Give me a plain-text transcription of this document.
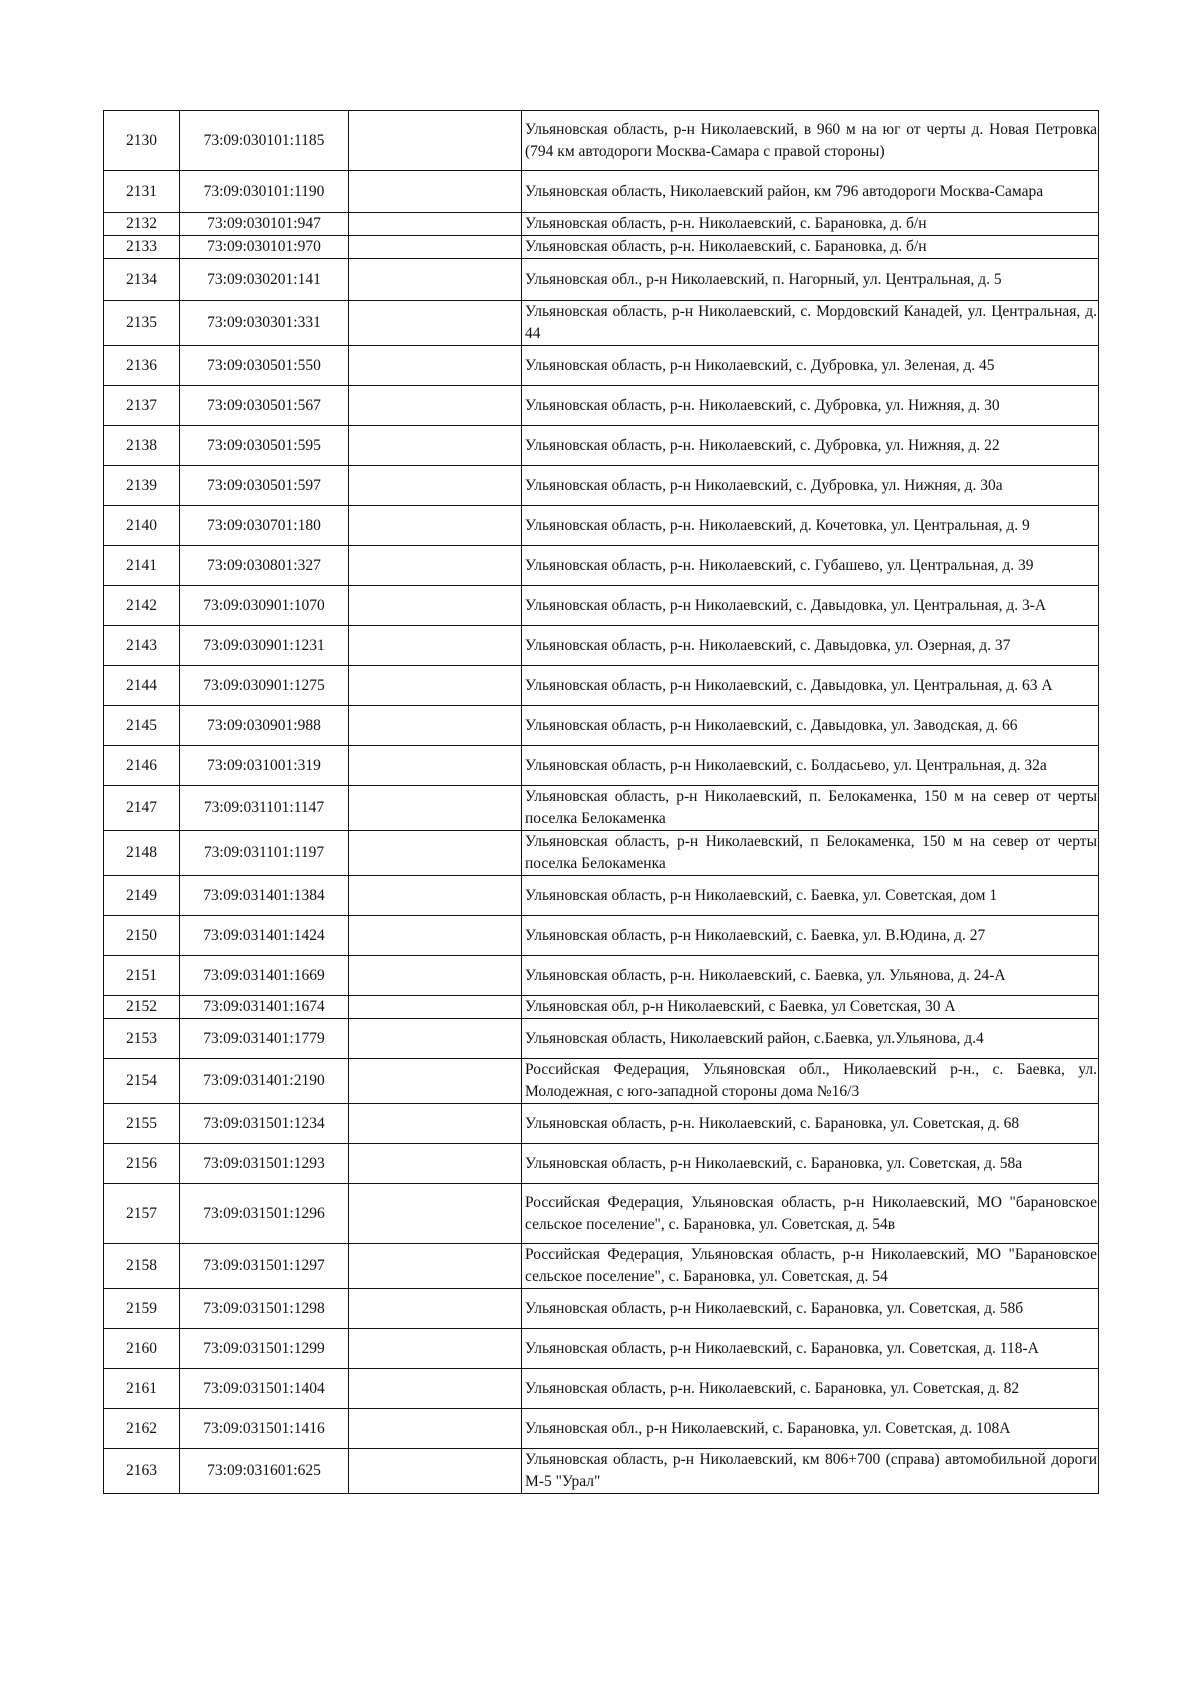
2130	73:09:030101:1185		Ульяновская область, р-н Николаевский, в 960 м на юг от черты д. Новая Петровка (794 км автодороги Москва-Самара с правой стороны)
2131	73:09:030101:1190		Ульяновская область, Николаевский район, км 796 автодороги Москва-Самара
2132	73:09:030101:947		Ульяновская область, р-н. Николаевский, с. Барановка, д. б/н
2133	73:09:030101:970		Ульяновская область, р-н. Николаевский, с. Барановка, д. б/н
2134	73:09:030201:141		Ульяновская обл., р-н Николаевский, п. Нагорный, ул. Центральная, д. 5
2135	73:09:030301:331		Ульяновская область, р-н Николаевский, с. Мордовский Канадей, ул. Центральная, д. 44
2136	73:09:030501:550		Ульяновская область, р-н Николаевский, с. Дубровка, ул. Зеленая, д. 45
2137	73:09:030501:567		Ульяновская область, р-н. Николаевский, с. Дубровка, ул. Нижняя, д. 30
2138	73:09:030501:595		Ульяновская область, р-н. Николаевский, с. Дубровка, ул. Нижняя, д. 22
2139	73:09:030501:597		Ульяновская область, р-н Николаевский, с. Дубровка, ул. Нижняя, д. 30а
2140	73:09:030701:180		Ульяновская область, р-н. Николаевский, д. Кочетовка, ул. Центральная, д. 9
2141	73:09:030801:327		Ульяновская область, р-н. Николаевский, с. Губашево, ул. Центральная, д. 39
2142	73:09:030901:1070		Ульяновская область, р-н Николаевский, с. Давыдовка, ул. Центральная, д. 3-А
2143	73:09:030901:1231		Ульяновская область, р-н. Николаевский, с. Давыдовка, ул. Озерная, д. 37
2144	73:09:030901:1275		Ульяновская область, р-н Николаевский, с. Давыдовка, ул. Центральная, д. 63 А
2145	73:09:030901:988		Ульяновская область, р-н Николаевский, с. Давыдовка, ул. Заводская, д. 66
2146	73:09:031001:319		Ульяновская область, р-н Николаевский, с. Болдасьево, ул. Центральная, д. 32а
2147	73:09:031101:1147		Ульяновская область, р-н Николаевский, п. Белокаменка, 150 м на север от черты поселка Белокаменка
2148	73:09:031101:1197		Ульяновская область, р-н Николаевский, п Белокаменка, 150 м на север от черты поселка Белокаменка
2149	73:09:031401:1384		Ульяновская область, р-н Николаевский, с. Баевка, ул. Советская, дом 1
2150	73:09:031401:1424		Ульяновская область, р-н Николаевский, с. Баевка, ул. В.Юдина, д. 27
2151	73:09:031401:1669		Ульяновская область, р-н. Николаевский, с. Баевка, ул. Ульянова, д. 24-А
2152	73:09:031401:1674		Ульяновская обл, р-н Николаевский, с Баевка, ул Советская, 30 А
2153	73:09:031401:1779		Ульяновская область, Николаевский район, с.Баевка, ул.Ульянова, д.4
2154	73:09:031401:2190		Российская Федерация, Ульяновская обл., Николаевский р-н., с. Баевка, ул. Молодежная, с юго-западной стороны дома №16/3
2155	73:09:031501:1234		Ульяновская область, р-н. Николаевский, с. Барановка, ул. Советская, д. 68
2156	73:09:031501:1293		Ульяновская область, р-н Николаевский, с. Барановка, ул. Советская, д. 58а
2157	73:09:031501:1296		Российская Федерация, Ульяновская область, р-н Николаевский, МО "барановское сельское поселение", с. Барановка, ул. Советская, д. 54в
2158	73:09:031501:1297		Российская Федерация, Ульяновская область, р-н Николаевский, МО "Барановское сельское поселение", с. Барановка, ул. Советская, д. 54
2159	73:09:031501:1298		Ульяновская область, р-н Николаевский, с. Барановка, ул. Советская, д. 58б
2160	73:09:031501:1299		Ульяновская область, р-н Николаевский, с. Барановка, ул. Советская, д. 118-А
2161	73:09:031501:1404		Ульяновская область, р-н. Николаевский, с. Барановка, ул. Советская, д. 82
2162	73:09:031501:1416		Ульяновская обл., р-н Николаевский, с. Барановка, ул. Советская, д. 108А
2163	73:09:031601:625		Ульяновская область, р-н Николаевский, км 806+700 (справа) автомобильной дороги М-5 "Урал"
